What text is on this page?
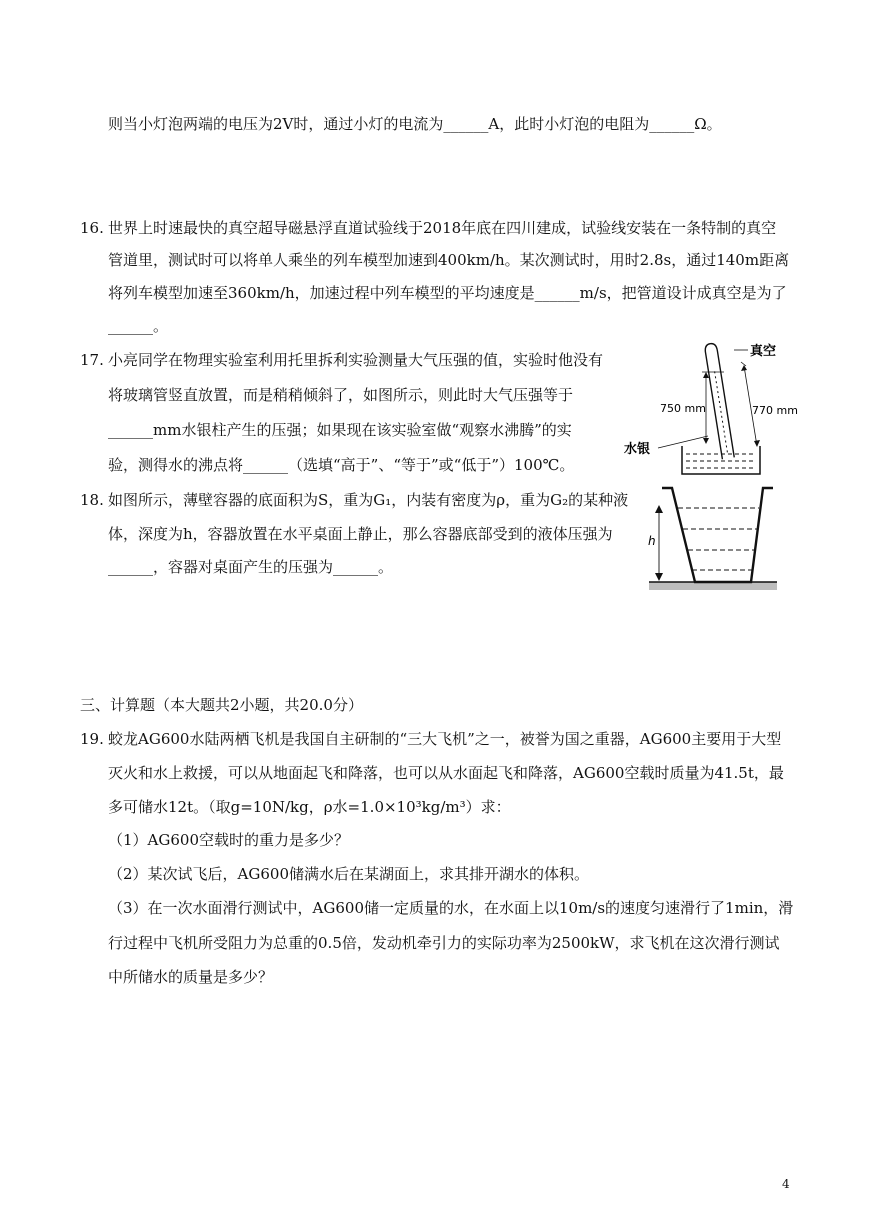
则当小灯泡两端的电压为2V时，通过小灯的电流为______A，此时小灯泡的电阻为______Ω。
16. 世界上时速最快的真空超导磁悬浮直道试验线于2018年底在四川建成，试验线安装在一条特制的真空
管道里，测试时可以将单人乘坐的列车模型加速到400km/h。某次测试时，用时2.8s，通过140m距离
将列车模型加速至360km/h，加速过程中列车模型的平均速度是______m/s，把管道设计成真空是为了
______。
17. 小亮同学在物理实验室利用托里拆利实验测量大气压强的值，实验时他没有
将玻璃管竖直放置，而是稍稍倾斜了，如图所示，则此时大气压强等于
______mm水银柱产生的压强；如果现在该实验室做“观察水沸腾”的实
验，测得水的沸点将______（选填“高于”、“等于”或“低于”）100℃。
18. 如图所示，薄壁容器的底面积为S，重为G₁，内装有密度为ρ，重为G₂的某种液
体，深度为h，容器放置在水平桌面上静止，那么容器底部受到的液体压强为
______，容器对桌面产生的压强为______。
三、计算题（本大题共2小题，共20.0分）
19. 蛟龙AG600水陆两栖飞机是我国自主研制的“三大飞机”之一，被誉为国之重器，AG600主要用于大型
灭火和水上救援，可以从地面起飞和降落，也可以从水面起飞和降落，AG600空载时质量为41.5t，最
多可储水12t。（取g=10N/kg，ρ水=1.0×10³kg/m³）求：
（1）AG600空载时的重力是多少？
（2）某次试飞后，AG600储满水后在某湖面上，求其排开湖水的体积。
（3）在一次水面滑行测试中，AG600储一定质量的水，在水面上以10m/s的速度匀速滑行了1min，滑
行过程中飞机所受阻力为总重的0.5倍，发动机牵引力的实际功率为2500kW，求飞机在这次滑行测试
中所储水的质量是多少？
真空
水银
750 mm	770 mm
h
4
